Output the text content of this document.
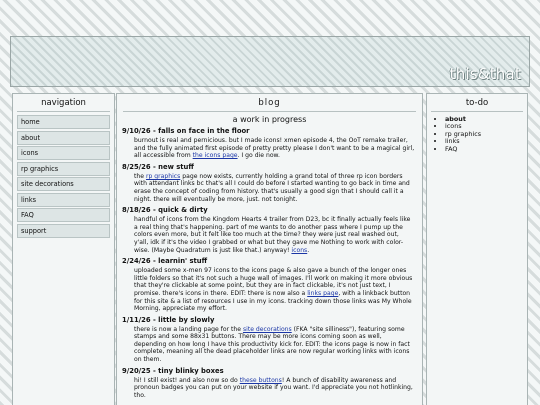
this&that
navigation
home
about
icons
rp graphics
site decorations
links
FAQ
support
blog
a work in progress
9/10/26 - falls on face in the floor
burnout is real and pernicious. but I made icons! xmen episode 4, the OoT remake trailer, and the fully animated first episode of pretty pretty please I don't want to be a magical girl, all accessible from the icons page. I go die now.
8/25/26 - new stuff
the rp graphics page now exists, currently holding a grand total of three rp icon borders with attendant links bc that's all I could do before I started wanting to go back in time and erase the concept of coding from history. that's usually a good sign that I should call it a night. there will eventually be more, just. not tonight.
8/18/26 - quick & dirty
handful of icons from the Kingdom Hearts 4 trailer from D23, bc it finally actually feels like a real thing that's happening. part of me wants to do another pass where I pump up the colors even more, but it felt like too much at the time? they were just real washed out, y'all, idk if it's the video I grabbed or what but they gave me Nothing to work with color-wise. (Maybe Quadratum is just like that.) anyway! icons.
2/24/26 - learnin' stuff
uploaded some x-men 97 icons to the icons page & also gave a bunch of the longer ones little folders so that it's not such a huge wall of images. I'll work on making it more obvious that they're clickable at some point, but they are in fact clickable, it's not just text, I promise. there's icons in there. EDIT: there is now also a links page, with a linkback button for this site & a list of resources I use in my icons. tracking down those links was My Whole Morning, appreciate my effort.
1/11/26 - little by slowly
there is now a landing page for the site decorations (FKA "site silliness"), featuring some stamps and some 88x31 buttons. There may be more icons coming soon as well, depending on how long I have this productivity kick for. EDIT: the icons page is now in fact complete, meaning all the dead placeholder links are now regular working links with icons on them.
9/20/25 - tiny blinky boxes
hi! I still exist! and also now so do these buttons! A bunch of disability awareness and pronoun badges you can put on your website if you want. I'd appreciate you not hotlinking, tho.
to-do
• about
• icons
• rp graphics
• links
• FAQ
